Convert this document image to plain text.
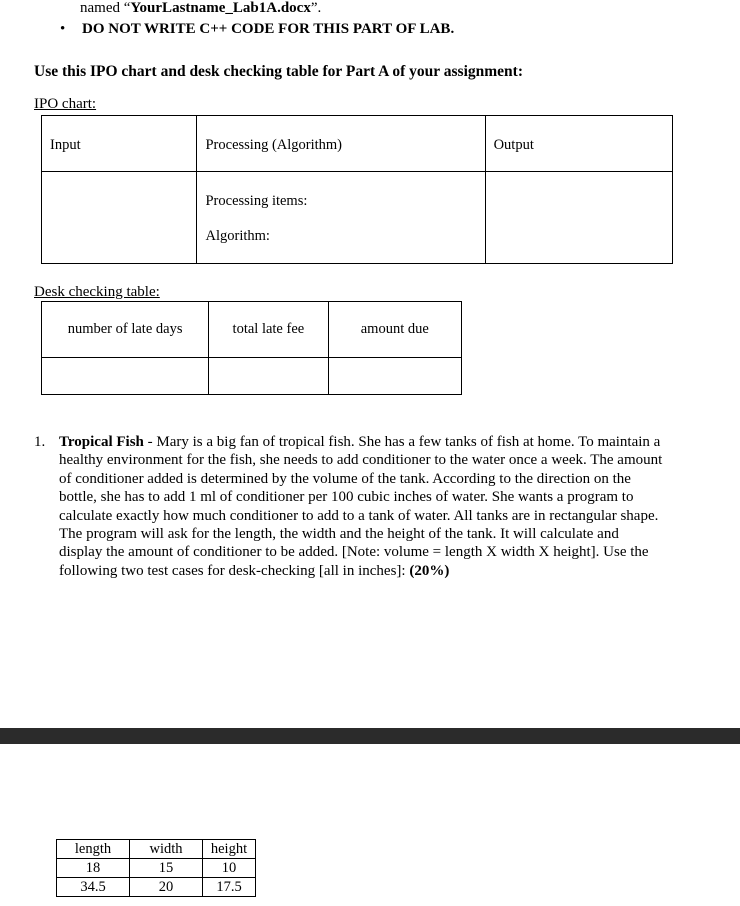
named “YourLastname_Lab1A.docx”.
• DO NOT WRITE C++ CODE FOR THIS PART OF LAB.
Use this IPO chart and desk checking table for Part A of your assignment:
IPO chart:
Input	Processing (Algorithm)	Output

	Processing items:
Algorithm:	

Desk checking table:
number of late days	total late fee	amount due

1. Tropical Fish - Mary is a big fan of tropical fish. She has a few tanks of fish at home. To maintain a healthy environment for the fish, she needs to add conditioner to the water once a week. The amount of conditioner added is determined by the volume of the tank. According to the direction on the bottle, she has to add 1 ml of conditioner per 100 cubic inches of water. She wants a program to calculate exactly how much conditioner to add to a tank of water. All tanks are in rectangular shape. The program will ask for the length, the width and the height of the tank. It will calculate and display the amount of conditioner to be added. [Note: volume = length X width X height]. Use the following two test cases for desk-checking [all in inches]: (20%)
length	width	height
18	15	10
34.5	20	17.5
